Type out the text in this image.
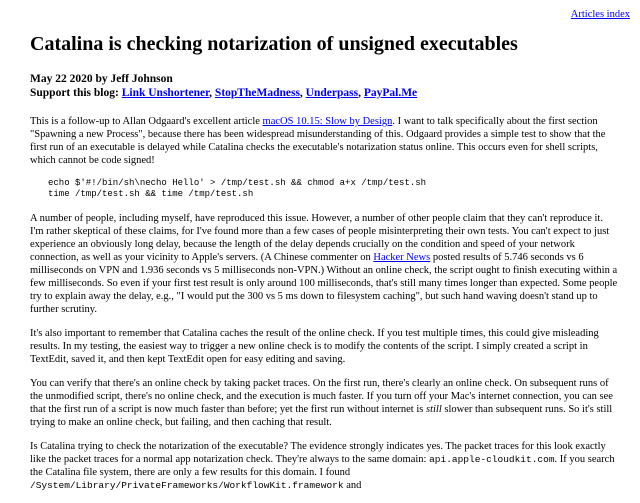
Articles index
Catalina is checking notarization of unsigned executables
May 22 2020 by Jeff Johnson
Support this blog: Link Unshortener, StopTheMadness, Underpass, PayPal.Me

This is a follow-up to Allan Odgaard's excellent article macOS 10.15: Slow by Design. I want to talk specifically about the first section "Spawning a new Process", because there has been widespread misunderstanding of this. Odgaard provides a simple test to show that the first run of an executable is delayed while Catalina checks the executable's notarization status online. This occurs even for shell scripts, which cannot be code signed!

echo $'#!/bin/sh\necho Hello' > /tmp/test.sh && chmod a+x /tmp/test.sh
time /tmp/test.sh && time /tmp/test.sh

A number of people, including myself, have reproduced this issue. However, a number of other people claim that they can't reproduce it. I'm rather skeptical of these claims, for I've found more than a few cases of people misinterpreting their own tests. You can't expect to just experience an obviously long delay, because the length of the delay depends crucially on the condition and speed of your network connection, as well as your vicinity to Apple's servers. (A Chinese commenter on Hacker News posted results of 5.746 seconds vs 6 milliseconds on VPN and 1.936 seconds vs 5 milliseconds non-VPN.) Without an online check, the script ought to finish executing within a few milliseconds. So even if your first test result is only around 100 milliseconds, that's still many times longer than expected. Some people try to explain away the delay, e.g., "I would put the 300 vs 5 ms down to filesystem caching", but such hand waving doesn't stand up to further scrutiny.

It's also important to remember that Catalina caches the result of the online check. If you test multiple times, this could give misleading results. In my testing, the easiest way to trigger a new online check is to modify the contents of the script. I simply created a script in TextEdit, saved it, and then kept TextEdit open for easy editing and saving.

You can verify that there's an online check by taking packet traces. On the first run, there's clearly an online check. On subsequent runs of the unmodified script, there's no online check, and the execution is much faster. If you turn off your Mac's internet connection, you can see that the first run of a script is now much faster than before; yet the first run without internet is still slower than subsequent runs. So it's still trying to make an online check, but failing, and then caching that result.

Is Catalina trying to check the notarization of the executable? The evidence strongly indicates yes. The packet traces for this look exactly like the packet traces for a normal app notarization check. They're always to the same domain: api.apple-cloudkit.com. If you search the Catalina file system, there are only a few results for this domain. I found /System/Library/PrivateFrameworks/WorkflowKit.framework and
